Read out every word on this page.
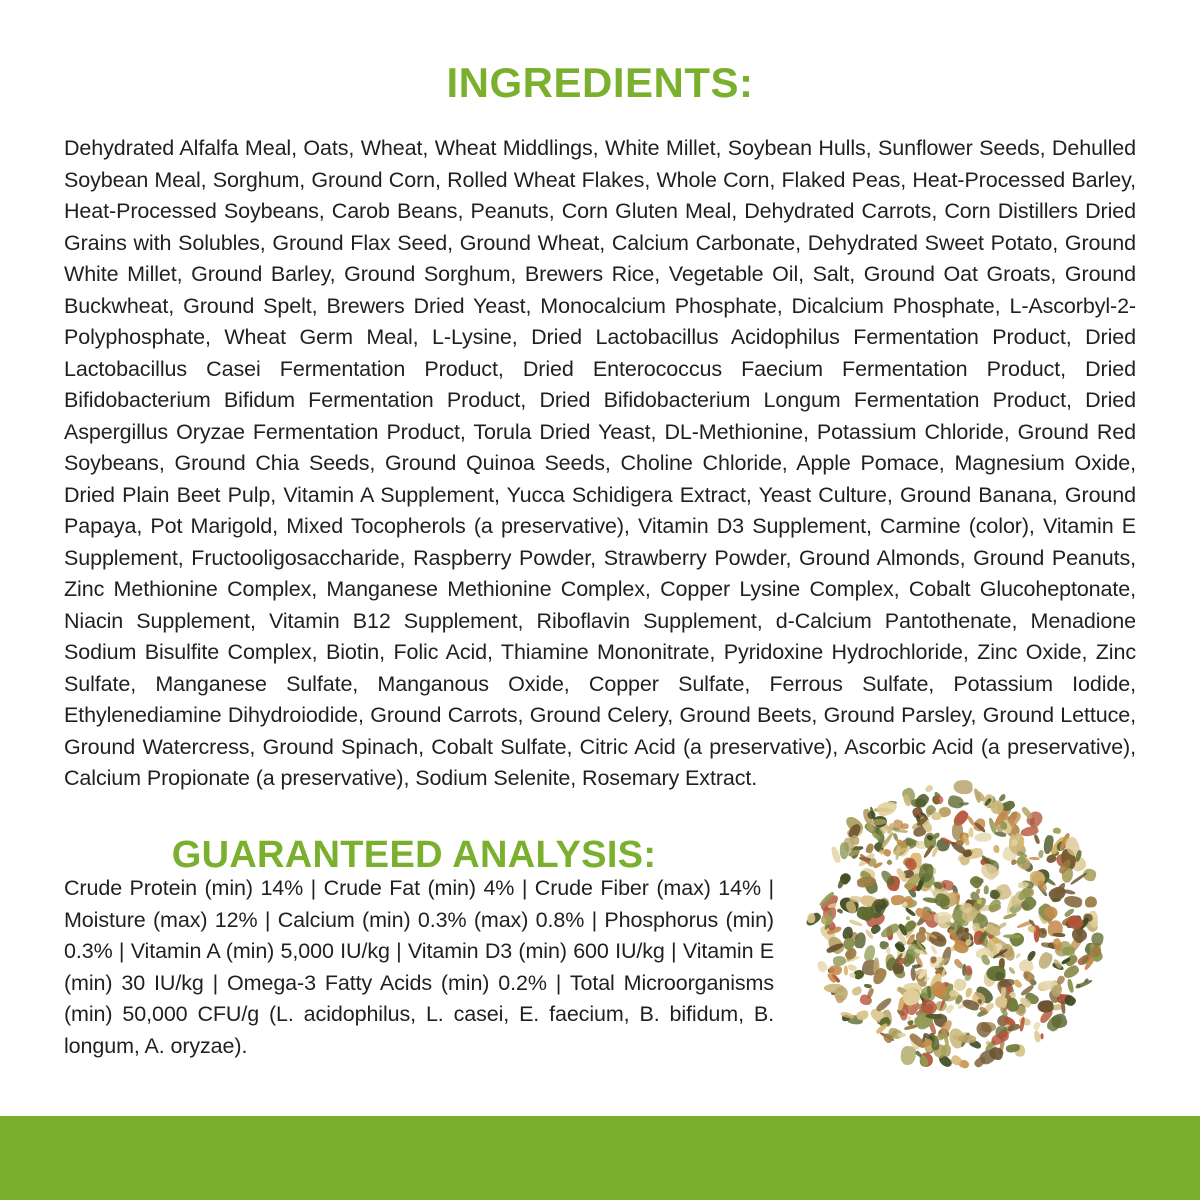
INGREDIENTS:
Dehydrated Alfalfa Meal, Oats, Wheat, Wheat Middlings, White Millet, Soybean Hulls, Sunflower Seeds, Dehulled Soybean Meal, Sorghum, Ground Corn, Rolled Wheat Flakes, Whole Corn, Flaked Peas, Heat-Processed Barley, Heat-Processed Soybeans, Carob Beans, Peanuts, Corn Gluten Meal, Dehydrated Carrots, Corn Distillers Dried Grains with Solubles, Ground Flax Seed, Ground Wheat, Calcium Carbonate, Dehydrated Sweet Potato, Ground White Millet, Ground Barley, Ground Sorghum, Brewers Rice, Vegetable Oil, Salt, Ground Oat Groats, Ground Buckwheat, Ground Spelt, Brewers Dried Yeast, Monocalcium Phosphate, Dicalcium Phosphate, L-Ascorbyl-2-Polyphosphate, Wheat Germ Meal, L-Lysine, Dried Lactobacillus Acidophilus Fermentation Product, Dried Lactobacillus Casei Fermentation Product, Dried Enterococcus Faecium Fermentation Product, Dried Bifidobacterium Bifidum Fermentation Product, Dried Bifidobacterium Longum Fermentation Product, Dried Aspergillus Oryzae Fermentation Product, Torula Dried Yeast, DL-Methionine, Potassium Chloride, Ground Red Soybeans, Ground Chia Seeds, Ground Quinoa Seeds, Choline Chloride, Apple Pomace, Magnesium Oxide, Dried Plain Beet Pulp, Vitamin A Supplement, Yucca Schidigera Extract, Yeast Culture, Ground Banana, Ground Papaya, Pot Marigold, Mixed Tocopherols (a preservative), Vitamin D3 Supplement, Carmine (color), Vitamin E Supplement, Fructooligosaccharide, Raspberry Powder, Strawberry Powder, Ground Almonds, Ground Peanuts, Zinc Methionine Complex, Manganese Methionine Complex, Copper Lysine Complex, Cobalt Glucoheptonate, Niacin Supplement, Vitamin B12 Supplement, Riboflavin Supplement, d-Calcium Pantothenate, Menadione Sodium Bisulfite Complex, Biotin, Folic Acid, Thiamine Mononitrate, Pyridoxine Hydrochloride, Zinc Oxide, Zinc Sulfate, Manganese Sulfate, Manganous Oxide, Copper Sulfate, Ferrous Sulfate, Potassium Iodide, Ethylenediamine Dihydroiodide, Ground Carrots, Ground Celery, Ground Beets, Ground Parsley, Ground Lettuce, Ground Watercress, Ground Spinach, Cobalt Sulfate, Citric Acid (a preservative), Ascorbic Acid (a preservative), Calcium Propionate (a preservative), Sodium Selenite, Rosemary Extract.
GUARANTEED ANALYSIS:
Crude Protein (min) 14% | Crude Fat (min) 4% | Crude Fiber (max) 14% | Moisture (max) 12% | Calcium (min) 0.3% (max) 0.8% | Phosphorus (min) 0.3% | Vitamin A (min) 5,000 IU/kg | Vitamin D3 (min) 600 IU/kg | Vitamin E (min) 30 IU/kg | Omega-3 Fatty Acids (min) 0.2% | Total Microorganisms (min) 50,000 CFU/g (L. acidophilus, L. casei, E. faecium, B. bifidum, B. longum, A. oryzae).
